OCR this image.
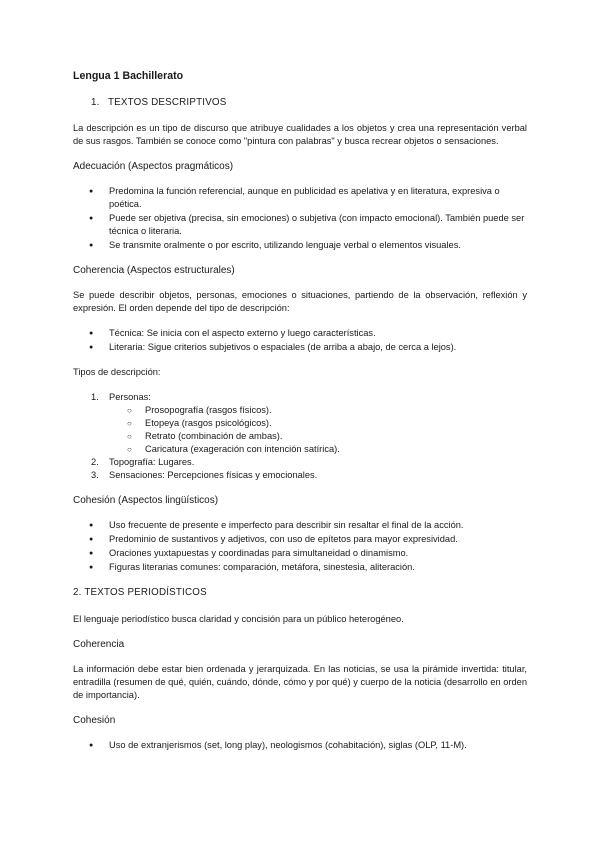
Lengua 1 Bachillerato
1. TEXTOS DESCRIPTIVOS

La descripción es un tipo de discurso que atribuye cualidades a los objetos y crea una representación verbal de sus rasgos. También se conoce como "pintura con palabras" y busca recrear objetos o sensaciones.

Adecuación (Aspectos pragmáticos)
● Predomina la función referencial, aunque en publicidad es apelativa y en literatura, expresiva o poética.
● Puede ser objetiva (precisa, sin emociones) o subjetiva (con impacto emocional). También puede ser técnica o literaria.
● Se transmite oralmente o por escrito, utilizando lenguaje verbal o elementos visuales.
Coherencia (Aspectos estructurales)

Se puede describir objetos, personas, emociones o situaciones, partiendo de la observación, reflexión y expresión. El orden depende del tipo de descripción:

● Técnica: Se inicia con el aspecto externo y luego características.
● Literaria: Sigue criterios subjetivos o espaciales (de arriba a abajo, de cerca a lejos).

Tipos de descripción:

1. Personas:
○ Prosopografía (rasgos físicos).
○ Etopeya (rasgos psicológicos).
○ Retrato (combinación de ambas).
○ Caricatura (exageración con intención satírica).
2. Topografía: Lugares.
3. Sensaciones: Percepciones físicas y emocionales.
Cohesión (Aspectos lingüísticos)
● Uso frecuente de presente e imperfecto para describir sin resaltar el final de la acción.
● Predominio de sustantivos y adjetivos, con uso de epítetos para mayor expresividad.
● Oraciones yuxtapuestas y coordinadas para simultaneidad o dinamismo.
● Figuras literarias comunes: comparación, metáfora, sinestesia, aliteración.
2. TEXTOS PERIODÍSTICOS

El lenguaje periodístico busca claridad y concisión para un público heterogéneo.

Coherencia

La información debe estar bien ordenada y jerarquizada. En las noticias, se usa la pirámide invertida: titular, entradilla (resumen de qué, quién, cuándo, dónde, cómo y por qué) y cuerpo de la noticia (desarrollo en orden de importancia).

Cohesión
● Uso de extranjerismos (set, long play), neologismos (cohabitación), siglas (OLP, 11-M).
